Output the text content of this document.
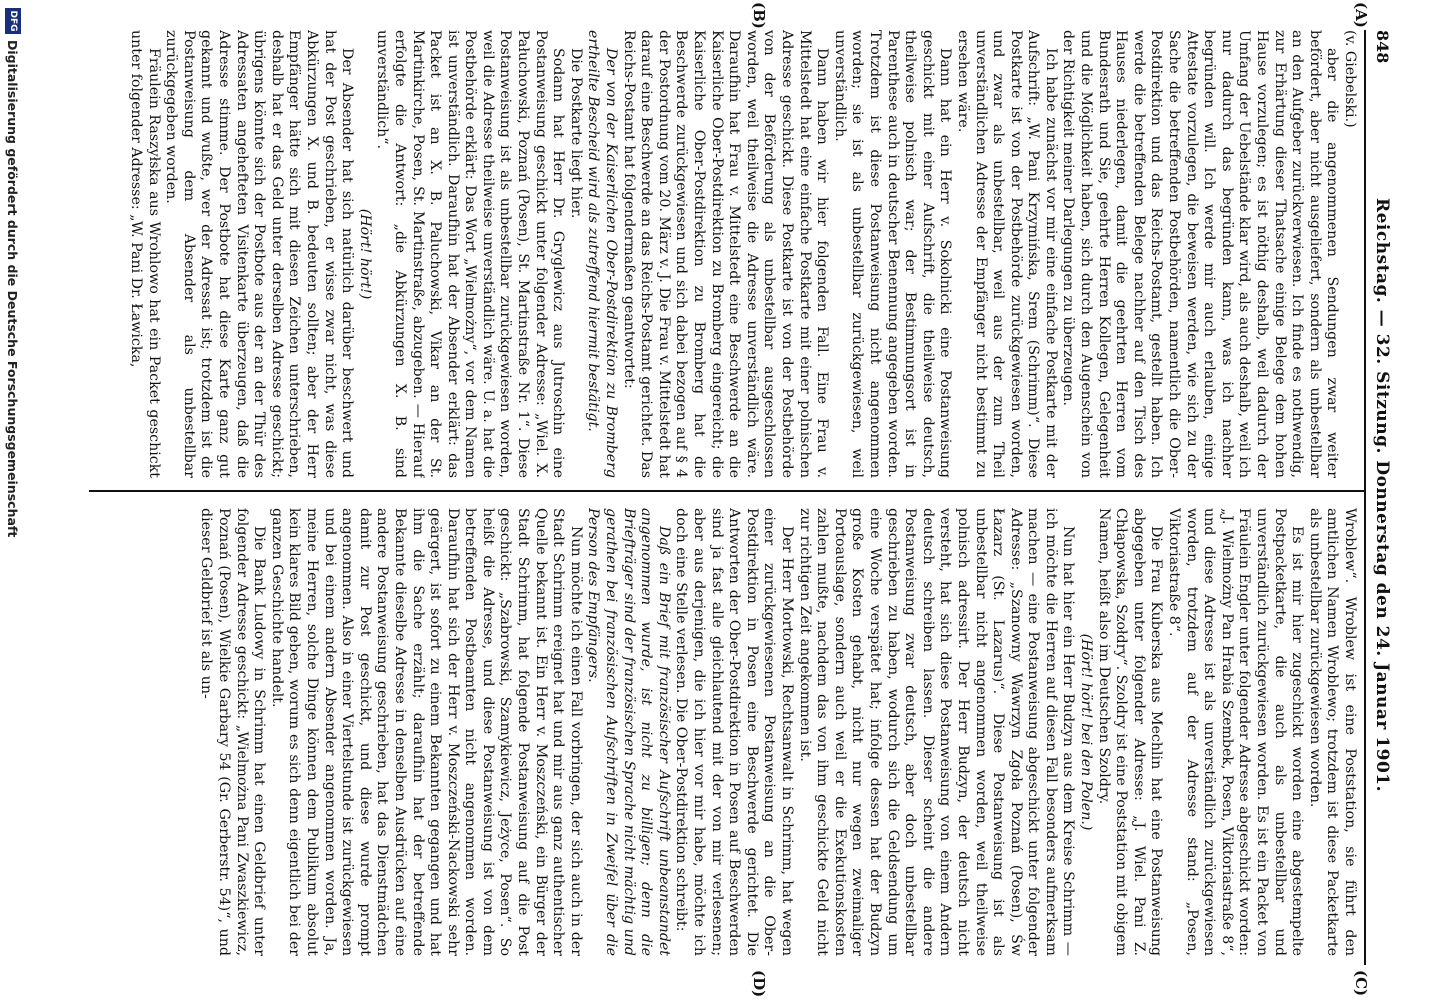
848
Reichstag. — 32. Sitzung. Donnerstag den 24. Januar 1901.
(A)
(B)
(C)
(D)

(v. Giebelski.)

aber die angenommenen Sendungen zwar weiter befördert, aber nicht ausgeliefert, sondern als unbestellbar an den Aufgeber zurückverwiesen. Ich finde es nothwendig, zur Erhärtung dieser Thatsache einige Belege dem hohen Hause vorzulegen; es ist nöthig deshalb, weil dadurch der Umfang der Uebelstände klar wird, als auch deshalb, weil ich nur dadurch das begründen kann, was ich nachher begründen will. Ich werde mir auch erlauben, einige Attestate vorzulegen, die beweisen werden, wie sich zu der Sache die betreffenden Postbehörden, namentlich die Ober-Postdirektion und das Reichs-Postamt, gestellt haben. Ich werde die betreffenden Belege nachher auf den Tisch des Hauses niederlegen, damit die geehrten Herren vom Bundesrath und Sie, geehrte Herren Kollegen, Gelegenheit und die Möglichkeit haben, sich durch den Augenschein von der Richtigkeit meiner Darlegungen zu überzeugen.

Ich habe zunächst vor mir eine einfache Postkarte mit der Aufschrift: „W. Pani Krzymińska, Srem (Schrimm)“. Diese Postkarte ist von der Postbehörde zurückgewiesen worden, und zwar als unbestellbar, weil aus der zum Theil unverständlichen Adresse der Empfänger nicht bestimmt zu ersehen wäre.

Dann hat ein Herr v. Sokolnicki eine Postanweisung geschickt mit einer Aufschrift, die theilweise deutsch, theilweise polnisch war; der Bestimmungsort ist in Parenthese auch in deutscher Benennung angegeben worden. Trotzdem ist diese Postanweisung nicht angenommen worden; sie ist als unbestellbar zurückgewiesen, weil unverständlich.

Dann haben wir hier folgenden Fall. Eine Frau v. Mittelstedt hat eine einfache Postkarte mit einer polnischen Adresse geschickt. Diese Postkarte ist von der Postbehörde von der Beförderung als unbestellbar ausgeschlossen worden, weil theilweise die Adresse unverständlich wäre. Daraufhin hat Frau v. Mittelstedt eine Beschwerde an die Kaiserliche Ober-Postdirektion zu Bromberg eingereicht; die Kaiserliche Ober-Postdirektion zu Bromberg hat die Beschwerde zurückgewiesen und sich dabei bezogen auf § 4 der Postordnung vom 20. März v. J. Die Frau v. Mittelstedt hat darauf eine Beschwerde an das Reichs-Postamt gerichtet. Das Reichs-Postamt hat folgendermaßen geantwortet:

Der von der Kaiserlichen Ober-Postdirektion zu Bromberg ertheilte Bescheid wird als zutreffend hiermit bestätigt.

Die Postkarte liegt hier.

Sodann hat Herr Dr. Gryglewicz aus Jutroschin eine Postanweisung geschickt unter folgender Adresse: „Wiel. X. Pałuchowski, Poznań (Posen), St. Martinstraße Nr. 1“. Diese Postanweisung ist als unbestellbar zurückgewiesen worden, weil die Adresse theilweise unverständlich wäre. U. a. hat die Postbehörde erklärt: Das Wort „Wielmożny“, vor dem Namen ist unverständlich. Daraufhin hat der Absender erklärt: das Packet ist an X. B. Paluchowski, Vikar an der St. Martinkirche, Posen, St. Martinstraße, abzugeben. — Hierauf erfolgte die Antwort: „die Abkürzungen X. B. sind unverständlich“.

(Hört! hört!)

Der Absender hat sich natürlich darüber beschwert und hat der Post geschrieben, er wisse zwar nicht, was diese Abkürzungen X. und B. bedeuten sollten; aber der Herr Empfänger hätte sich mit diesen Zeichen unterschrieben, deshalb hat er das Geld unter derselben Adresse geschickt; übrigens könnte sich der Postbote aus der an der Thür des Adressaten angehefteten Visitenkarte überzeugen, daß die Adresse stimme. Der Postbote hat diese Karte ganz gut gekannt und wußte, wer der Adressat ist; trotzdem ist die Postanweisung dem Absender als unbestellbar zurückgegeben worden.

Fräulein Raszyłska aus Wrohlowo hat ein Packet geschickt unter folgender Adresse: „W. Pani Dr. Ławicka,

Wroblew“. Wroblew ist eine Poststation, sie führt den amtlichen Namen Wroblewo; trotzdem ist diese Packetkarte als unbestellbar zurückgewiesen worden.

Es ist mir hier zugeschickt worden eine abgestempelte Postpacketkarte, die auch als unbestellbar und unverständlich zurückgewiesen worden. Es ist ein Packet von Fräulein Engler unter folgender Adresse abgeschickt worden: „J. Wielmożny Pan Hrabia Szembek, Posen, Viktoriastraße 8“, und diese Adresse ist als unverständlich zurückgewiesen worden, trotzdem auf der Adresse stand: „Posen, Viktoriastraße 8“.

Die Frau Kuberska aus Mechlin hat eine Postanweisung abgegeben unter folgender Adresse: „J. Wiel. Pani Z. Chłapowska, Szołdry“. Szoldry ist eine Poststation mit obigem Namen, heißt also im Deutschen Szoldry.

(Hört! hört! bei den Polen.)

Nun hat hier ein Herr Budzyn aus dem Kreise Schrimm — ich möchte die Herren auf diesen Fall besonders aufmerksam machen — eine Postanweisung abgeschickt unter folgender Adresse: „Szanowny Wawrzyn Zgoła Poznań (Posen), Św Łazarz (St. Lazarus)“. Diese Postanweisung ist als unbestellbar nicht angenommen worden, weil theilweise polnisch adressirt. Der Herr Budzyn, der deutsch nicht versteht, hat sich diese Postanweisung von einem Andern deutsch schreiben lassen. Dieser scheint die andere Postanweisung zwar deutsch, aber doch unbestellbar geschrieben zu haben, wodurch sich die Geldsendung um eine Woche verspätet hat; infolge dessen hat der Budzyn große Kosten gehabt, nicht nur wegen zweimaliger Portoauslage, sondern auch weil er die Exekutionskosten zahlen mußte, nachdem das von ihm geschickte Geld nicht zur richtigen Zeit angekommen ist.

Der Herr Mortowski, Rechtsanwalt in Schrimm, hat wegen einer zurückgewiesenen Postanweisung an die Ober-Postdirektion in Posen eine Beschwerde gerichtet. Die Antworten der Ober-Postdirektion in Posen auf Beschwerden sind ja fast alle gleichlautend mit der von mir verlesenen; aber aus derjenigen, die ich hier vor mir habe, möchte ich doch eine Stelle verlesen. Die Ober-Postdirektion schreibt:

Daß ein Brief mit französischer Aufschrift unbeanstandet angenommen wurde, ist nicht zu billigen; denn die Briefträger sind der französischen Sprache nicht mächtig und gerathen bei französischen Aufschriften in Zweifel über die Person des Empfängers.

Nun möchte ich einen Fall vorbringen, der sich auch in der Stadt Schrimm ereignet hat und mir aus ganz authentischer Quelle bekannt ist. Ein Herr v. Moszczeński, ein Bürger der Stadt Schrimm, hat folgende Postanweisung auf die Post geschickt: „Szabrowski, Szamykiewicz, Jeżyce, Posen“. So heißt die Adresse, und diese Postanweisung ist von dem betreffenden Postbeamten nicht angenommen worden. Daraufhin hat sich der Herr v. Moszczeński-Nackowski sehr geärgert, ist sofort zu einem Bekannten gegangen und hat ihm die Sache erzählt; daraufhin hat der betreffende Bekannte dieselbe Adresse in denselben Ausdrücken auf eine andere Postanweisung geschrieben, hat das Dienstmädchen damit zur Post geschickt, und diese wurde prompt angenommen. Also in einer Viertelstunde ist zurückgewiesen und bei einem andern Absender angenommen worden. Ja, meine Herren, solche Dinge können dem Publikum absolut kein klares Bild geben, worum es sich denn eigentlich bei der ganzen Geschichte handelt.

Die Bank Ludowy in Schrimm hat einen Geldbrief unter folgender Adresse geschickt: „Wielmożna Pani Zwaszkiewicz, Poznań (Posen), Wielkie Garbary 54 (Gr. Gerberstr. 54)“, und dieser Geldbrief ist als un-

DFG
Digitalisierung gefördert durch die Deutsche Forschungsgemeinschaft
